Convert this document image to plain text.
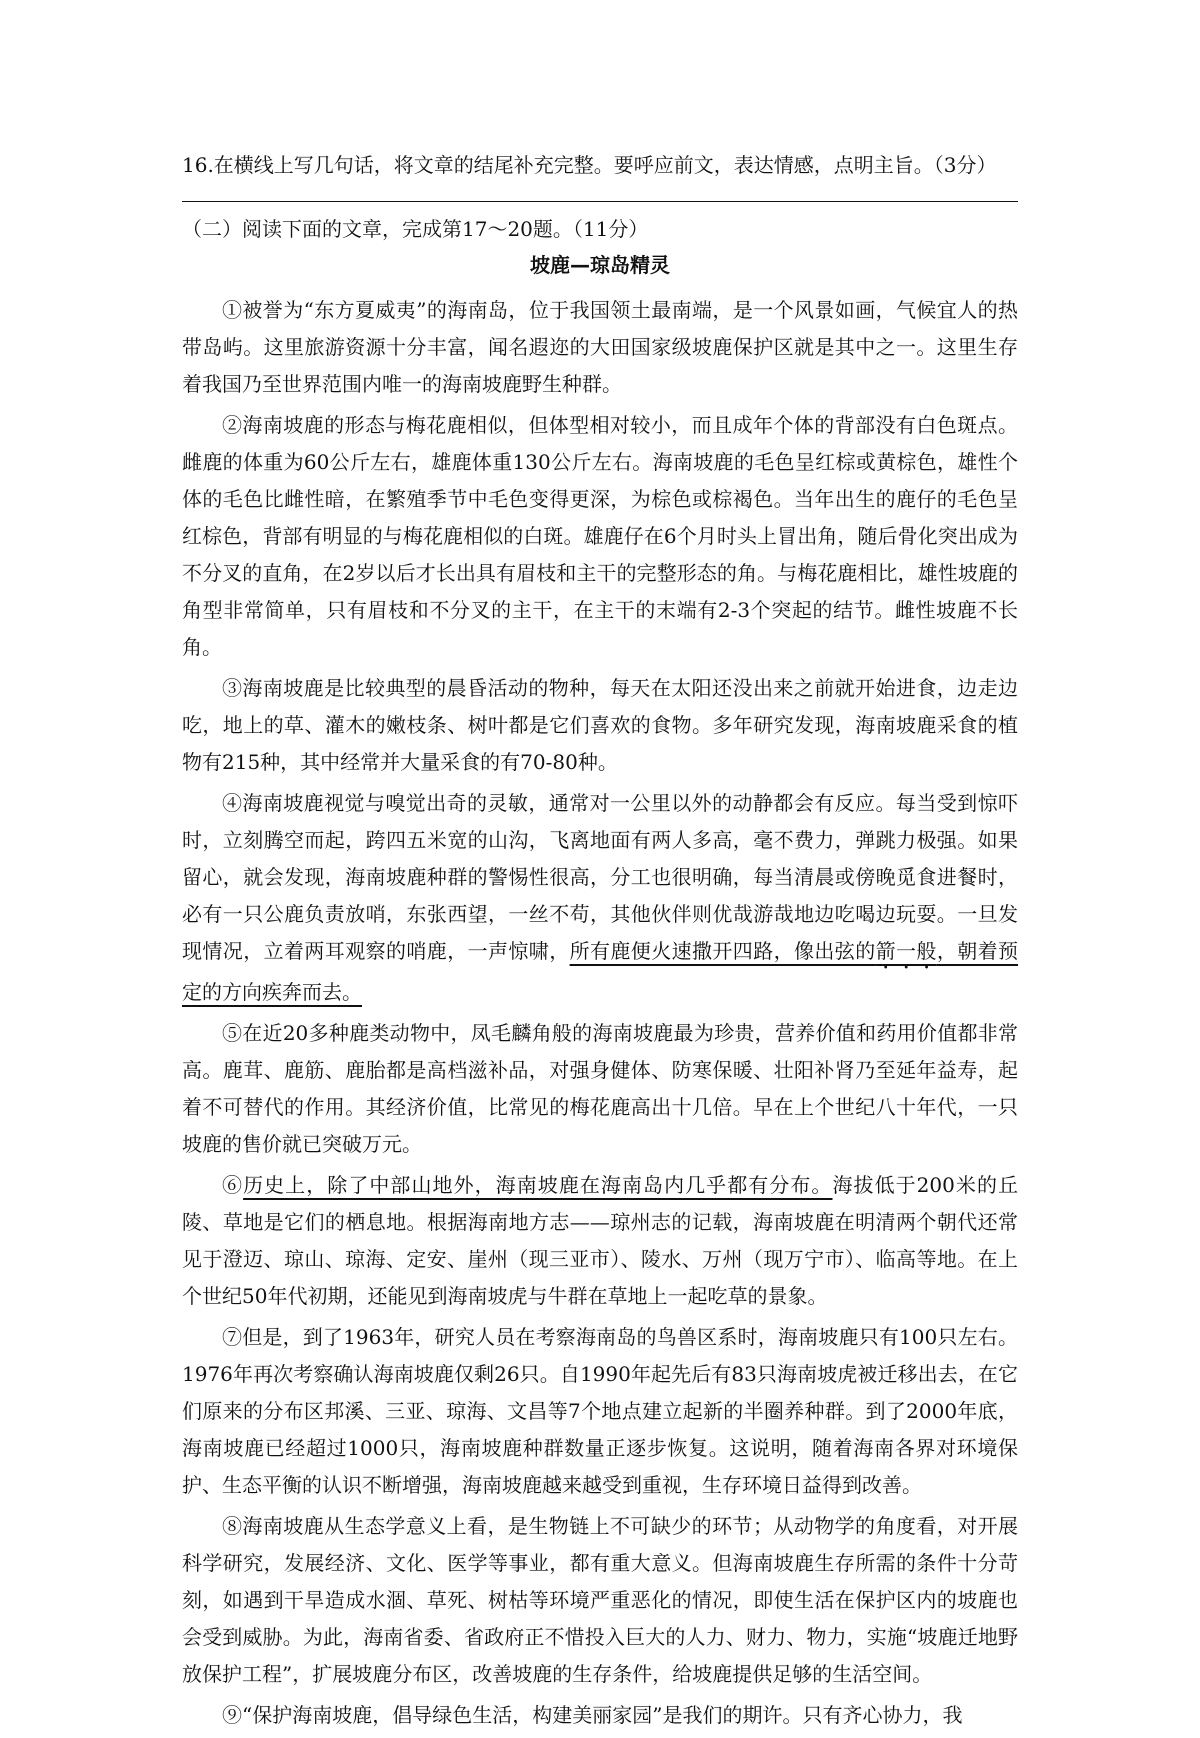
16.在横线上写几句话，将文章的结尾补充完整。要呼应前文，表达情感，点明主旨。（3分）
（二）阅读下面的文章，完成第17～20题。（11分）
坡鹿—琼岛精灵

①被誉为“东方夏威夷”的海南岛，位于我国领土最南端，是一个风景如画，气候宜人的热带岛屿。这里旅游资源十分丰富，闻名遐迩的大田国家级坡鹿保护区就是其中之一。这里生存着我国乃至世界范围内唯一的海南坡鹿野生种群。

②海南坡鹿的形态与梅花鹿相似，但体型相对较小，而且成年个体的背部没有白色斑点。雌鹿的体重为60公斤左右，雄鹿体重130公斤左右。海南坡鹿的毛色呈红棕或黄棕色，雄性个体的毛色比雌性暗，在繁殖季节中毛色变得更深，为棕色或棕褐色。当年出生的鹿仔的毛色呈红棕色，背部有明显的与梅花鹿相似的白斑。雄鹿仔在6个月时头上冒出角，随后骨化突出成为不分叉的直角，在2岁以后才长出具有眉枝和主干的完整形态的角。与梅花鹿相比，雄性坡鹿的角型非常简单，只有眉枝和不分叉的主干，在主干的末端有2-3个突起的结节。雌性坡鹿不长角。

③海南坡鹿是比较典型的晨昏活动的物种，每天在太阳还没出来之前就开始进食，边走边吃，地上的草、灌木的嫩枝条、树叶都是它们喜欢的食物。多年研究发现，海南坡鹿采食的植物有215种，其中经常并大量采食的有70-80种。

④海南坡鹿视觉与嗅觉出奇的灵敏，通常对一公里以外的动静都会有反应。每当受到惊吓时，立刻腾空而起，跨四五米宽的山沟，飞离地面有两人多高，毫不费力，弹跳力极强。如果留心，就会发现，海南坡鹿种群的警惕性很高，分工也很明确，每当清晨或傍晚觅食进餐时，必有一只公鹿负责放哨，东张西望，一丝不苟，其他伙伴则优哉游哉地边吃喝边玩耍。一旦发现情况，立着两耳观察的哨鹿，一声惊啸，所有鹿便火速撒开四路，像出弦的箭一般，朝着预定的方向疾奔而去。

⑤在近20多种鹿类动物中，凤毛麟角般的海南坡鹿最为珍贵，营养价值和药用价值都非常高。鹿茸、鹿筋、鹿胎都是高档滋补品，对强身健体、防寒保暖、壮阳补肾乃至延年益寿，起着不可替代的作用。其经济价值，比常见的梅花鹿高出十几倍。早在上个世纪八十年代，一只坡鹿的售价就已突破万元。

⑥历史上，除了中部山地外，海南坡鹿在海南岛内几乎都有分布。海拔低于200米的丘陵、草地是它们的栖息地。根据海南地方志——琼州志的记载，海南坡鹿在明清两个朝代还常见于澄迈、琼山、琼海、定安、崖州（现三亚市）、陵水、万州（现万宁市）、临高等地。在上个世纪50年代初期，还能见到海南坡虎与牛群在草地上一起吃草的景象。

⑦但是，到了1963年，研究人员在考察海南岛的鸟兽区系时，海南坡鹿只有100只左右。1976年再次考察确认海南坡鹿仅剩26只。自1990年起先后有83只海南坡虎被迁移出去，在它们原来的分布区邦溪、三亚、琼海、文昌等7个地点建立起新的半圈养种群。到了2000年底，海南坡鹿已经超过1000只，海南坡鹿种群数量正逐步恢复。这说明，随着海南各界对环境保护、生态平衡的认识不断增强，海南坡鹿越来越受到重视，生存环境日益得到改善。

⑧海南坡鹿从生态学意义上看，是生物链上不可缺少的环节；从动物学的角度看，对开展科学研究，发展经济、文化、医学等事业，都有重大意义。但海南坡鹿生存所需的条件十分苛刻，如遇到干旱造成水涸、草死、树枯等环境严重恶化的情况，即使生活在保护区内的坡鹿也会受到威胁。为此，海南省委、省政府正不惜投入巨大的人力、财力、物力，实施“坡鹿迁地野放保护工程”，扩展坡鹿分布区，改善坡鹿的生存条件，给坡鹿提供足够的生活空间。

⑨“保护海南坡鹿，倡导绿色生活，构建美丽家园”是我们的期许。只有齐心协力，我
